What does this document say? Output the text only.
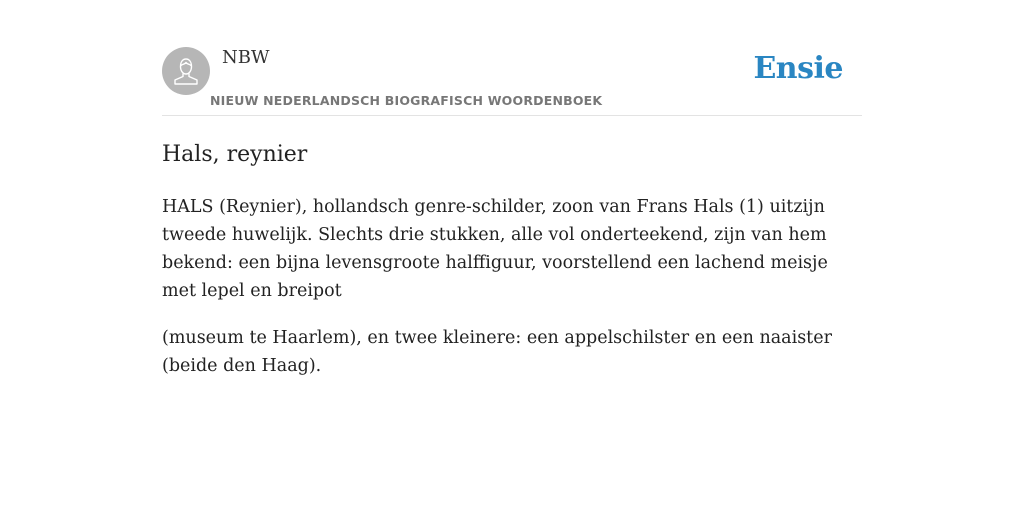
NBW
NIEUW NEDERLANDSCH BIOGRAFISCH WOORDENBOEK
Ensie
Hals, reynier

HALS (Reynier), hollandsch genre-schilder, zoon van Frans Hals (1) uitzijn tweede huwelijk. Slechts drie stukken, alle vol onderteekend, zijn van hem bekend: een bijna levensgroote halffiguur, voorstellend een lachend meisje met lepel en breipot

(museum te Haarlem), en twee kleinere: een appelschilster en een naaister (beide den Haag).
